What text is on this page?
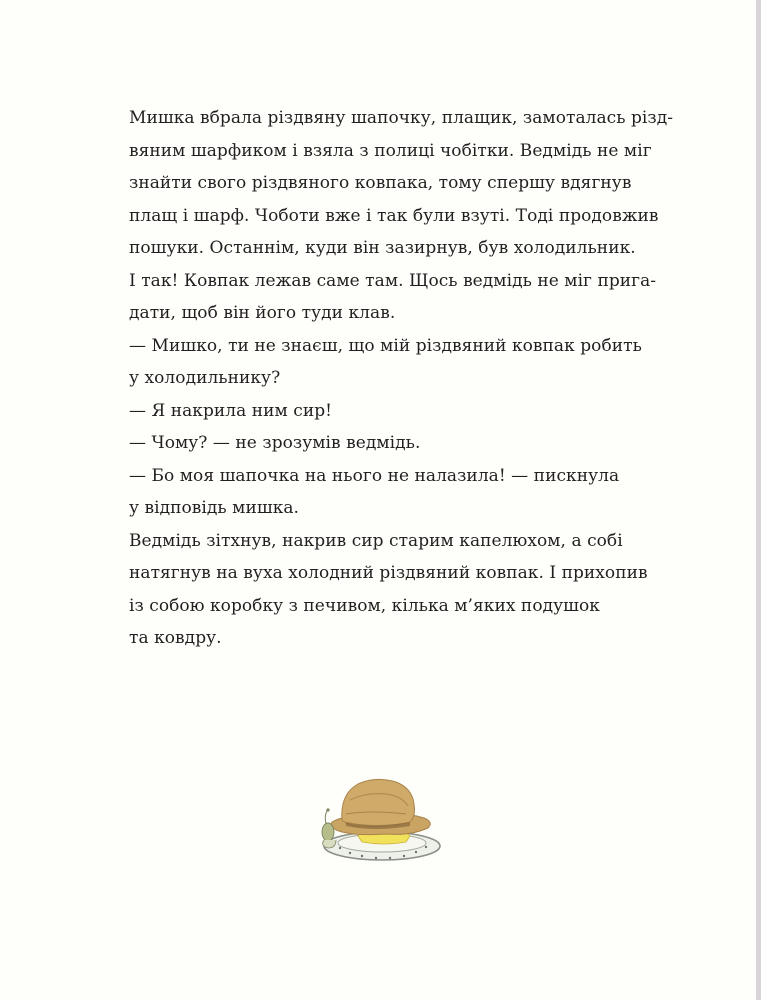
Мишка вбрала різдвяну шапочку, плащик, замоталась різд-
вяним шарфиком і взяла з полиці чобітки. Ведмідь не міг
знайти свого різдвяного ковпака, тому спершу вдягнув
плащ і шарф. Чоботи вже і так були взуті. Тоді продовжив
пошуки. Останнім, куди він зазирнув, був холодильник.
І так! Ковпак лежав саме там. Щось ведмідь не міг прига-
дати, щоб він його туди клав.
— Мишко, ти не знаєш, що мій різдвяний ковпак робить
у холодильнику?
— Я накрила ним сир!
— Чому? — не зрозумів ведмідь.
— Бо моя шапочка на нього не налазила! — пискнула
у відповідь мишка.
Ведмідь зітхнув, накрив сир старим капелюхом, а собі
натягнув на вуха холодний різдвяний ковпак. І прихопив
із собою коробку з печивом, кілька м’яких подушок
та ковдру.
